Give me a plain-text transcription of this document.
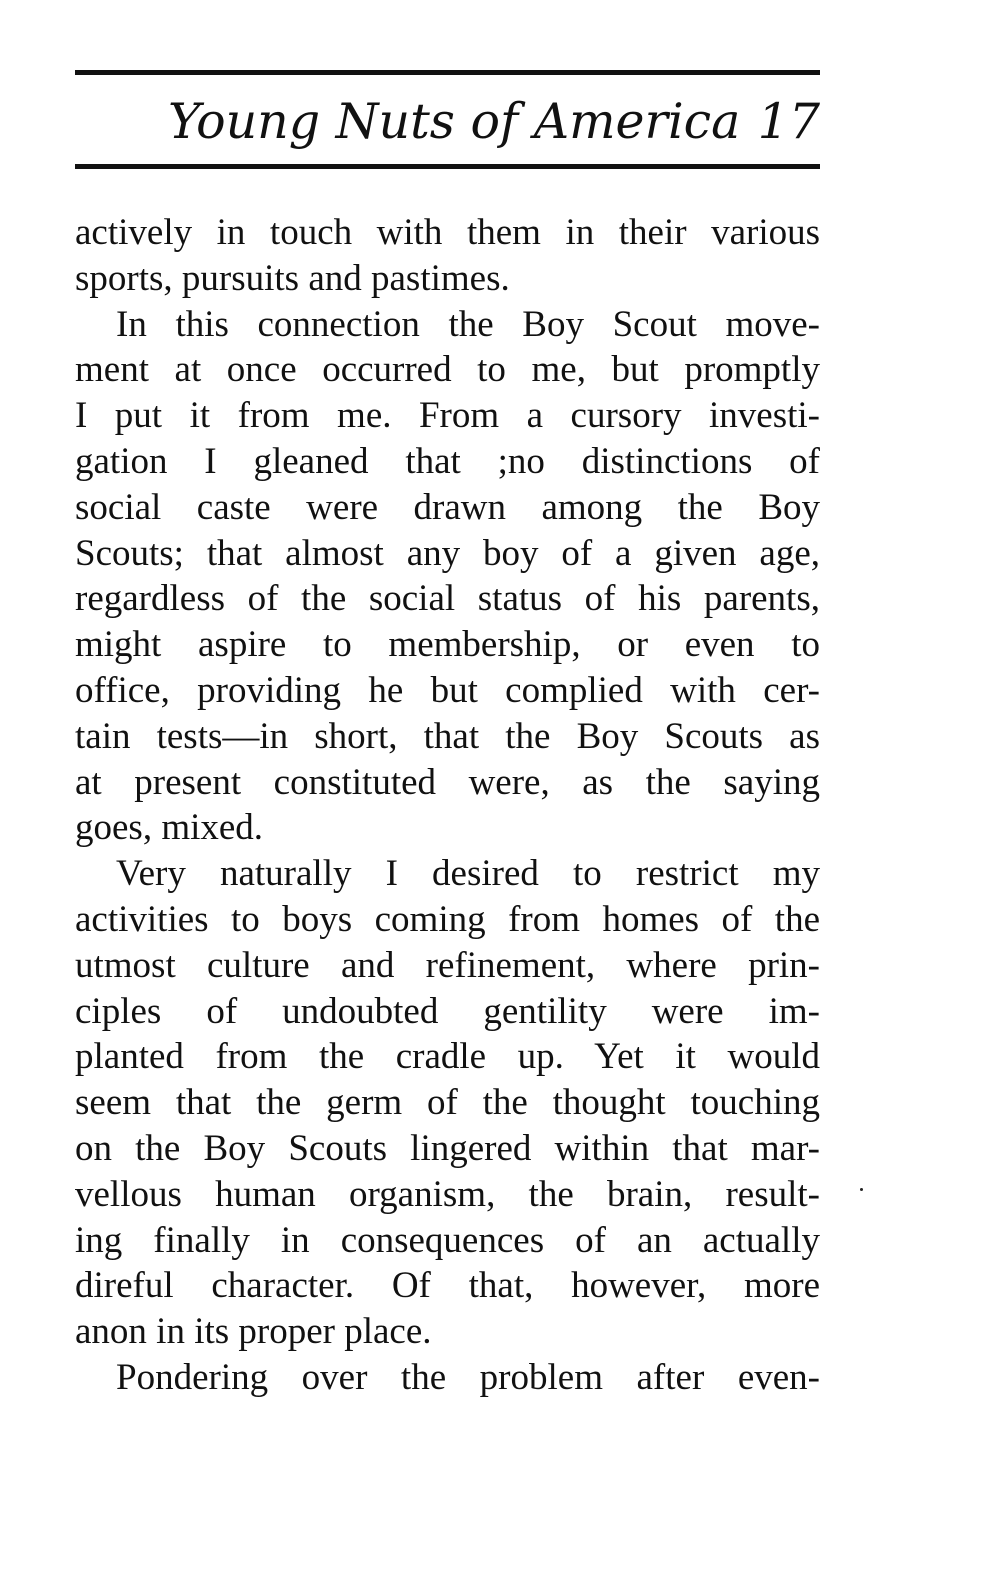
Young Nuts of America 17
actively in touch with them in their various
sports, pursuits and pastimes.
In this connection the Boy Scout move-
ment at once occurred to me, but promptly
I put it from me. From a cursory investi-
gation I gleaned that ;no distinctions of
social caste were drawn among the Boy
Scouts; that almost any boy of a given age,
regardless of the social status of his parents,
might aspire to membership, or even to
office, providing he but complied with cer-
tain tests—in short, that the Boy Scouts as
at present constituted were, as the saying
goes, mixed.
Very naturally I desired to restrict my
activities to boys coming from homes of the
utmost culture and refinement, where prin-
ciples of undoubted gentility were im-
planted from the cradle up. Yet it would
seem that the germ of the thought touching
on the Boy Scouts lingered within that mar-
vellous human organism, the brain, result-
ing finally in consequences of an actually
direful character. Of that, however, more
anon in its proper place.
Pondering over the problem after even-
